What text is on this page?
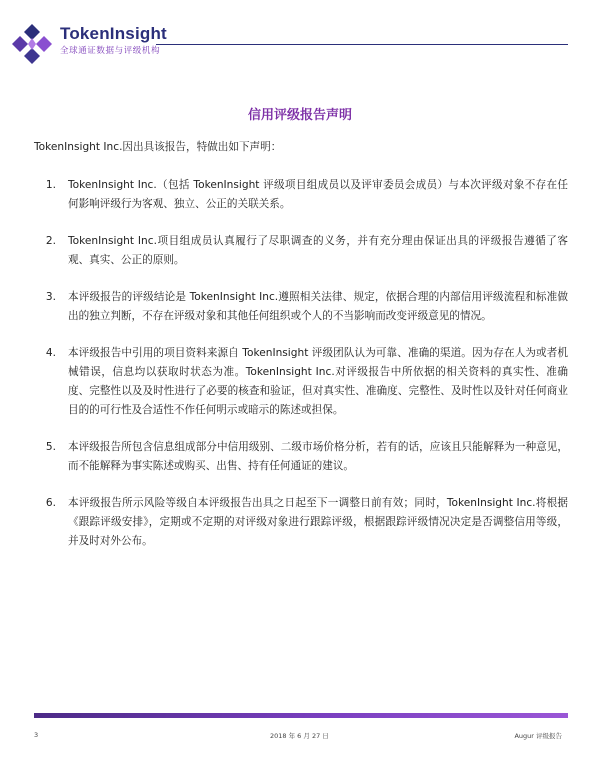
TokenInsight
全球通证数据与评级机构
信用评级报告声明
TokenInsight Inc.因出具该报告，特做出如下声明：
1.	TokenInsight Inc.（包括 TokenInsight 评级项目组成员以及评审委员会成员）与本次评级对象不存在任何影响评级行为客观、独立、公正的关联关系。
2.	TokenInsight Inc.项目组成员认真履行了尽职调查的义务，并有充分理由保证出具的评级报告遵循了客观、真实、公正的原则。
3.	本评级报告的评级结论是 TokenInsight Inc.遵照相关法律、规定，依据合理的内部信用评级流程和标准做出的独立判断，不存在评级对象和其他任何组织或个人的不当影响而改变评级意见的情况。
4.	本评级报告中引用的项目资料来源自 TokenInsight 评级团队认为可靠、准确的渠道。因为存在人为或者机械错误，信息均以获取时状态为准。TokenInsight Inc.对评级报告中所依据的相关资料的真实性、准确度、完整性以及及时性进行了必要的核查和验证，但对真实性、准确度、完整性、及时性以及针对任何商业目的的可行性及合适性不作任何明示或暗示的陈述或担保。
5.	本评级报告所包含信息组成部分中信用级别、二级市场价格分析，若有的话，应该且只能解释为一种意见，而不能解释为事实陈述或购买、出售、持有任何通证的建议。
6.	本评级报告所示风险等级自本评级报告出具之日起至下一调整日前有效；同时，TokenInsight Inc.将根据《跟踪评级安排》，定期或不定期的对评级对象进行跟踪评级，根据跟踪评级情况决定是否调整信用等级，并及时对外公布。
3	2018 年 6 月 27 日	Augur 评级报告
